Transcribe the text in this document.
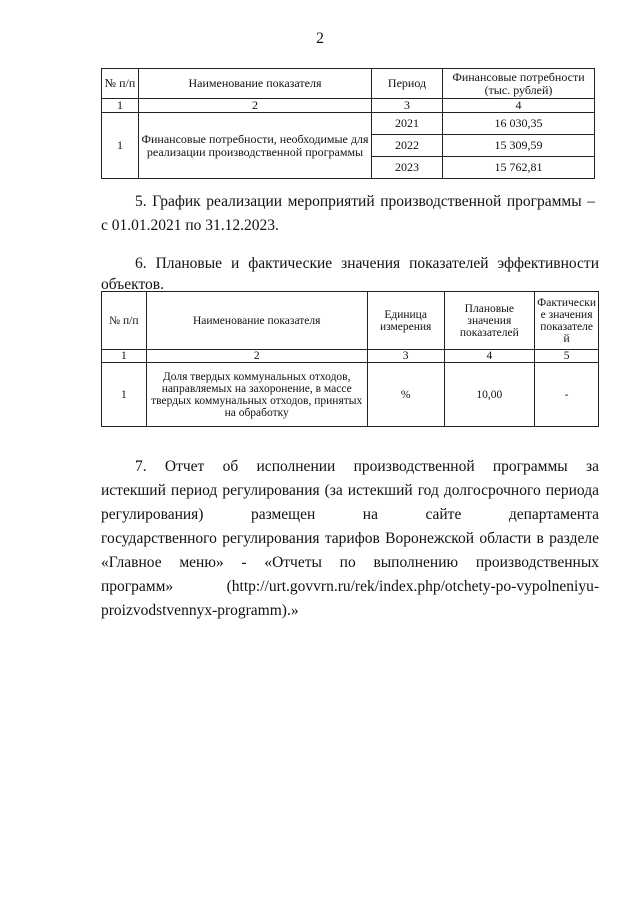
2
№ п/п	Наименование показателя	Период	Финансовые потребности (тыс. рублей)
1	2	3	4
1	Финансовые потребности, необходимые для реализации производственной программы	2021	16 030,35
		2022	15 309,59
		2023	15 762,81
5. График реализации мероприятий производственной программы –
с 01.01.2021 по 31.12.2023.
6. Плановые и фактические значения показателей эффективности
объектов.
№ п/п	Наименование показателя	Единица измерения	Плановые значения показателей	Фактически е значения показателе й
1	2	3	4	5
1	Доля твердых коммунальных отходов, направляемых на захоронение, в массе твердых коммунальных отходов, принятых на обработку	%	10,00	-
7. Отчет об исполнении производственной программы за
истекший период регулирования (за истекший год долгосрочного периода
регулирования) размещен на сайте департамента
государственного регулирования тарифов Воронежской области в разделе
«Главное меню» - «Отчеты по выполнению производственных
программ» (http://urt.govvrn.ru/rek/index.php/otchety-po-vypolneniyu-
proizvodstvennyx-programm).»
